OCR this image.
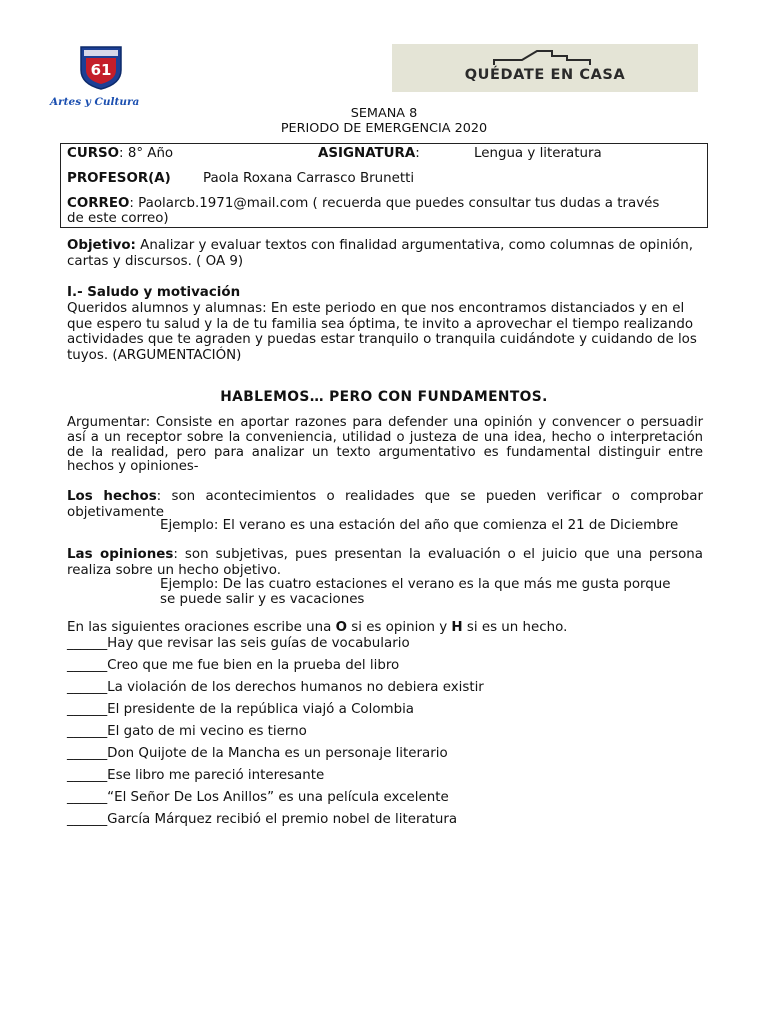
61
Artes y Cultura
QUÉDATE EN CASA
SEMANA 8
PERIODO DE EMERGENCIA 2020
CURSO: 8° Año	ASIGNATURA:	Lengua y literatura
PROFESOR(A) Paola Roxana Carrasco Brunetti
CORREO: Paolarcb.1971@mail.com ( recuerda que puedes consultar tus dudas a través
de este correo)
Objetivo: Analizar y evaluar textos con finalidad argumentativa, como columnas de opinión, cartas y discursos. ( OA 9)
I.- Saludo y motivación
Queridos alumnos y alumnas: En este periodo en que nos encontramos distanciados y en el que espero tu salud y la de tu familia sea óptima, te invito a aprovechar el tiempo realizando actividades que te agraden y puedas estar tranquilo o tranquila cuidándote y cuidando de los tuyos. (ARGUMENTACIÓN)
HABLEMOS… PERO CON FUNDAMENTOS.
Argumentar: Consiste en aportar razones para defender una opinión y convencer o persuadir así a un receptor sobre la conveniencia, utilidad o justeza de una idea, hecho o interpretación de la realidad, pero para analizar un texto argumentativo es fundamental distinguir entre hechos y opiniones-
Los hechos: son acontecimientos o realidades que se pueden verificar o comprobar objetivamente
Ejemplo: El verano es una estación del año que comienza el 21 de Diciembre
Las opiniones: son subjetivas, pues presentan la evaluación o el juicio que una persona realiza sobre un hecho objetivo.
Ejemplo: De las cuatro estaciones el verano es la que más me gusta porque
se puede salir y es vacaciones
En las siguientes oraciones escribe una O si es opinion y H si es un hecho.
______Hay que revisar las seis guías de vocabulario
______Creo que me fue bien en la prueba del libro
______La violación de los derechos humanos no debiera existir
______El presidente de la república viajó a Colombia
______El gato de mi vecino es tierno
______Don Quijote de la Mancha es un personaje literario
______Ese libro me pareció interesante
______“El Señor De Los Anillos” es una película excelente
______García Márquez recibió el premio nobel de literatura
